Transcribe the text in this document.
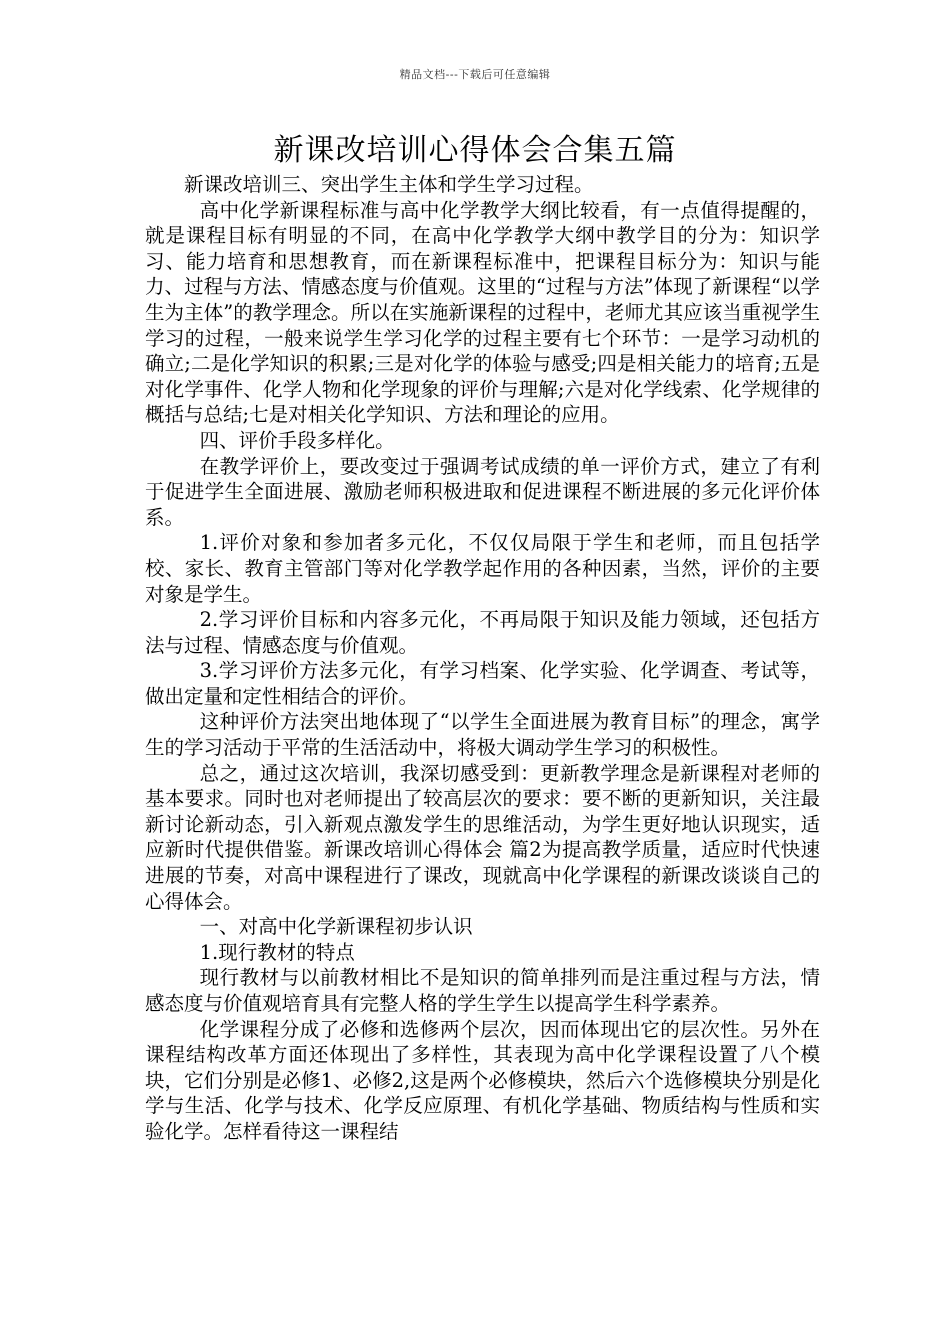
精品文档---下载后可任意编辑
新课改培训心得体会合集五篇

新课改培训三、突出学生主体和学生学习过程。

高中化学新课程标准与高中化学教学大纲比较看，有一点值得提醒的，就是课程目标有明显的不同，在高中化学教学大纲中教学目的分为：知识学习、能力培育和思想教育，而在新课程标准中，把课程目标分为：知识与能力、过程与方法、情感态度与价值观。这里的“过程与方法”体现了新课程“以学生为主体”的教学理念。所以在实施新课程的过程中，老师尤其应该当重视学生学习的过程，一般来说学生学习化学的过程主要有七个环节：一是学习动机的确立;二是化学知识的积累;三是对化学的体验与感受;四是相关能力的培育;五是对化学事件、化学人物和化学现象的评价与理解;六是对化学线索、化学规律的概括与总结;七是对相关化学知识、方法和理论的应用。

四、评价手段多样化。

在教学评价上，要改变过于强调考试成绩的单一评价方式，建立了有利于促进学生全面进展、激励老师积极进取和促进课程不断进展的多元化评价体系。

1.评价对象和参加者多元化，不仅仅局限于学生和老师，而且包括学校、家长、教育主管部门等对化学教学起作用的各种因素，当然，评价的主要对象是学生。

2.学习评价目标和内容多元化，不再局限于知识及能力领域，还包括方法与过程、情感态度与价值观。

3.学习评价方法多元化，有学习档案、化学实验、化学调查、考试等，做出定量和定性相结合的评价。

这种评价方法突出地体现了“以学生全面进展为教育目标”的理念，寓学生的学习活动于平常的生活活动中，将极大调动学生学习的积极性。

总之，通过这次培训，我深切感受到：更新教学理念是新课程对老师的基本要求。同时也对老师提出了较高层次的要求：要不断的更新知识，关注最新讨论新动态，引入新观点激发学生的思维活动，为学生更好地认识现实，适应新时代提供借鉴。新课改培训心得体会 篇2为提高教学质量，适应时代快速进展的节奏，对高中课程进行了课改，现就高中化学课程的新课改谈谈自己的心得体会。

一、对高中化学新课程初步认识

1.现行教材的特点

现行教材与以前教材相比不是知识的简单排列而是注重过程与方法，情感态度与价值观培育具有完整人格的学生学生以提高学生科学素养。

化学课程分成了必修和选修两个层次，因而体现出它的层次性。另外在课程结构改革方面还体现出了多样性，其表现为高中化学课程设置了八个模块，它们分别是必修1、必修2,这是两个必修模块，然后六个选修模块分别是化学与生活、化学与技术、化学反应原理、有机化学基础、物质结构与性质和实验化学。怎样看待这一课程结
